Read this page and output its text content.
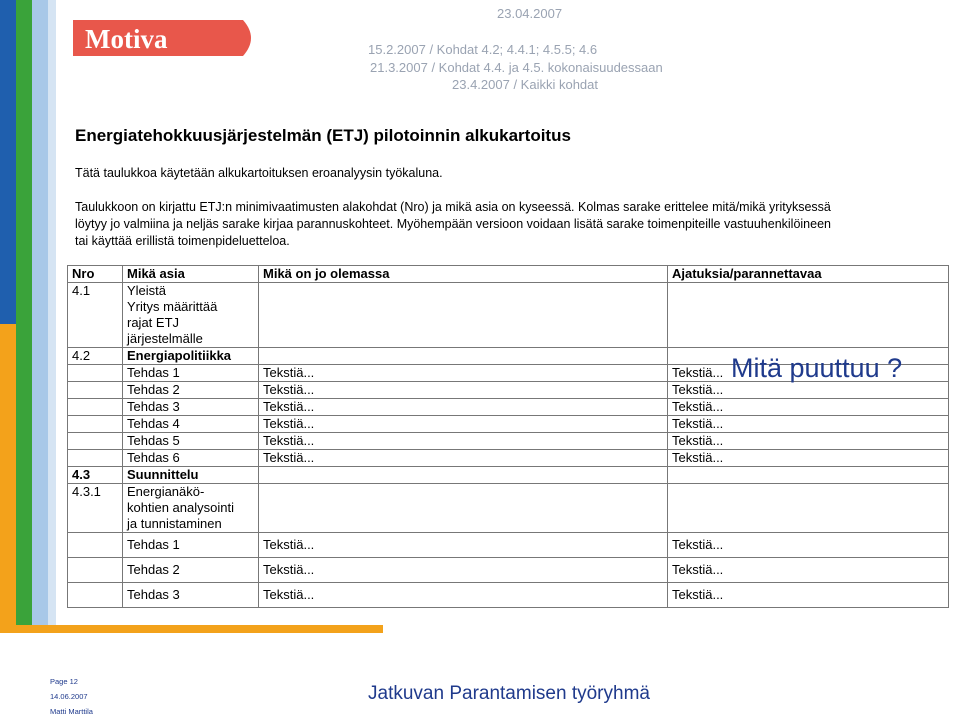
Motiva
23.04.2007
15.2.2007 / Kohdat 4.2; 4.4.1; 4.5.5; 4.6
21.3.2007 / Kohdat 4.4. ja 4.5. kokonaisuudessaan
23.4.2007 / Kaikki kohdat
Energiatehokkuusjärjestelmän (ETJ) pilotoinnin alkukartoitus
Tätä taulukkoa käytetään alkukartoituksen eroanalyysin työkaluna.
Taulukkoon on kirjattu ETJ:n minimivaatimusten alakohdat (Nro) ja mikä asia on kyseessä. Kolmas sarake erittelee mitä/mikä yrityksessä
löytyy jo valmiina ja neljäs sarake kirjaa parannuskohteet. Myöhempään versioon voidaan lisätä sarake toimenpiteille vastuuhenkilöineen
tai käyttää erillistä toimenpideluetteloa.
Nro	Mikä asia	Mikä on jo olemassa	Ajatuksia/parannettavaa
4.1	Yleistä
Yritys määrittää
rajat ETJ
järjestelmälle		

4.2	Energiapolitiikka		

	Tehdas 1	Tekstiä...	Tekstiä...

	Tehdas 2	Tekstiä...	Tekstiä...

	Tehdas 3	Tekstiä...	Tekstiä...

	Tehdas 4	Tekstiä...	Tekstiä...

	Tehdas 5	Tekstiä...	Tekstiä...

	Tehdas 6	Tekstiä...	Tekstiä...
4.3	Suunnittelu		

4.3.1	Energianäkö-
kohtien analysointi
ja tunnistaminen		

	Tehdas 1	Tekstiä...	Tekstiä...

	Tehdas 2	Tekstiä...	Tekstiä...

	Tehdas 3	Tekstiä...	Tekstiä...
Mitä puuttuu ?
Page 12
14.06.2007
Matti Marttila
Jatkuvan Parantamisen työryhmä
